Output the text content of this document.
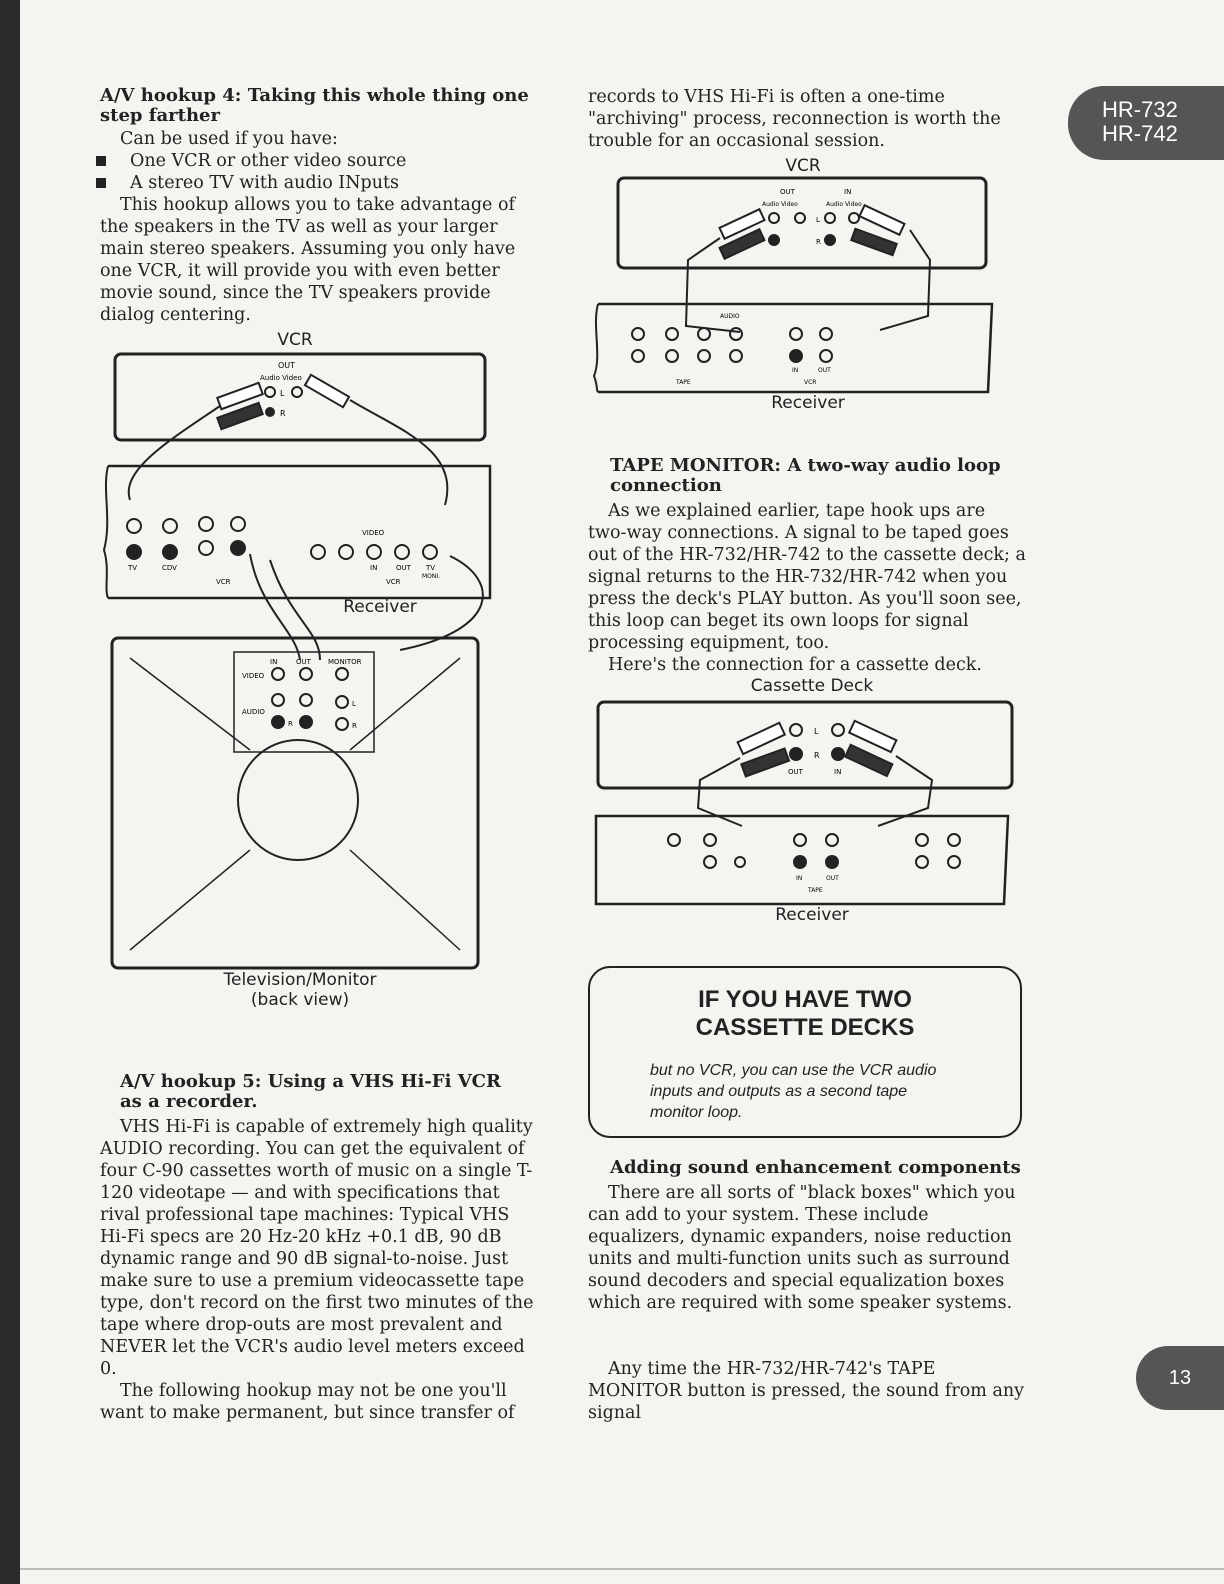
HR-732
HR-742
13
A/V hookup 4: Taking this whole thing one step farther

Can be used if you have:

One VCR or other video source
A stereo TV with audio INputs

This hookup allows you to take advantage of the speakers in the TV as well as your larger main stereo speakers. Assuming you only have one VCR, it will provide you with even better movie sound, since the TV speakers provide dialog centering.

VCR
OUT
Audio Video
L
R
TV	CDV
VCR
IN	OUT
VCR
TV
MONI.
VIDEO
IN	OUT MONITOR
VIDEO
AUDIO
R
L
R
Receiver
Television/Monitor
(back view)
A/V hookup 5: Using a VHS Hi-Fi VCR as a recorder.

VHS Hi-Fi is capable of extremely high quality AUDIO recording. You can get the equivalent of four C-90 cassettes worth of music on a single T-120 videotape — and with specifications that rival professional tape machines: Typical VHS Hi-Fi specs are 20 Hz-20 kHz +0.1 dB, 90 dB dynamic range and 90 dB signal-to-noise. Just make sure to use a premium videocassette tape type, don't record on the first two minutes of the tape where drop-outs are most prevalent and NEVER let the VCR's audio level meters exceed 0.

The following hookup may not be one you'll want to make permanent, but since transfer of

records to VHS Hi-Fi is often a one-time "archiving" process, reconnection is worth the trouble for an occasional session.

VCR
OUT	IN
Audio Video	Audio Video
L
R
AUDIO
TAPE
IN	OUT
VCR
Receiver
TAPE MONITOR: A two-way audio loop connection

As we explained earlier, tape hook ups are two-way connections. A signal to be taped goes out of the HR-732/HR-742 to the cassette deck; a signal returns to the HR-732/HR-742 when you press the deck's PLAY button. As you'll soon see, this loop can beget its own loops for signal processing equipment, too.

Here's the connection for a cassette deck.

Cassette Deck
L
R
OUT	IN
IN	OUT
TAPE
Receiver
IF YOU HAVE TWO
CASSETTE DECKS
but no VCR, you can use the VCR audio inputs and outputs as a second tape monitor loop.
Adding sound enhancement components

There are all sorts of "black boxes" which you can add to your system. These include equalizers, dynamic expanders, noise reduction units and multi-function units such as surround sound decoders and special equalization boxes which are required with some speaker systems.

Any time the HR-732/HR-742's TAPE MONITOR button is pressed, the sound from any signal
